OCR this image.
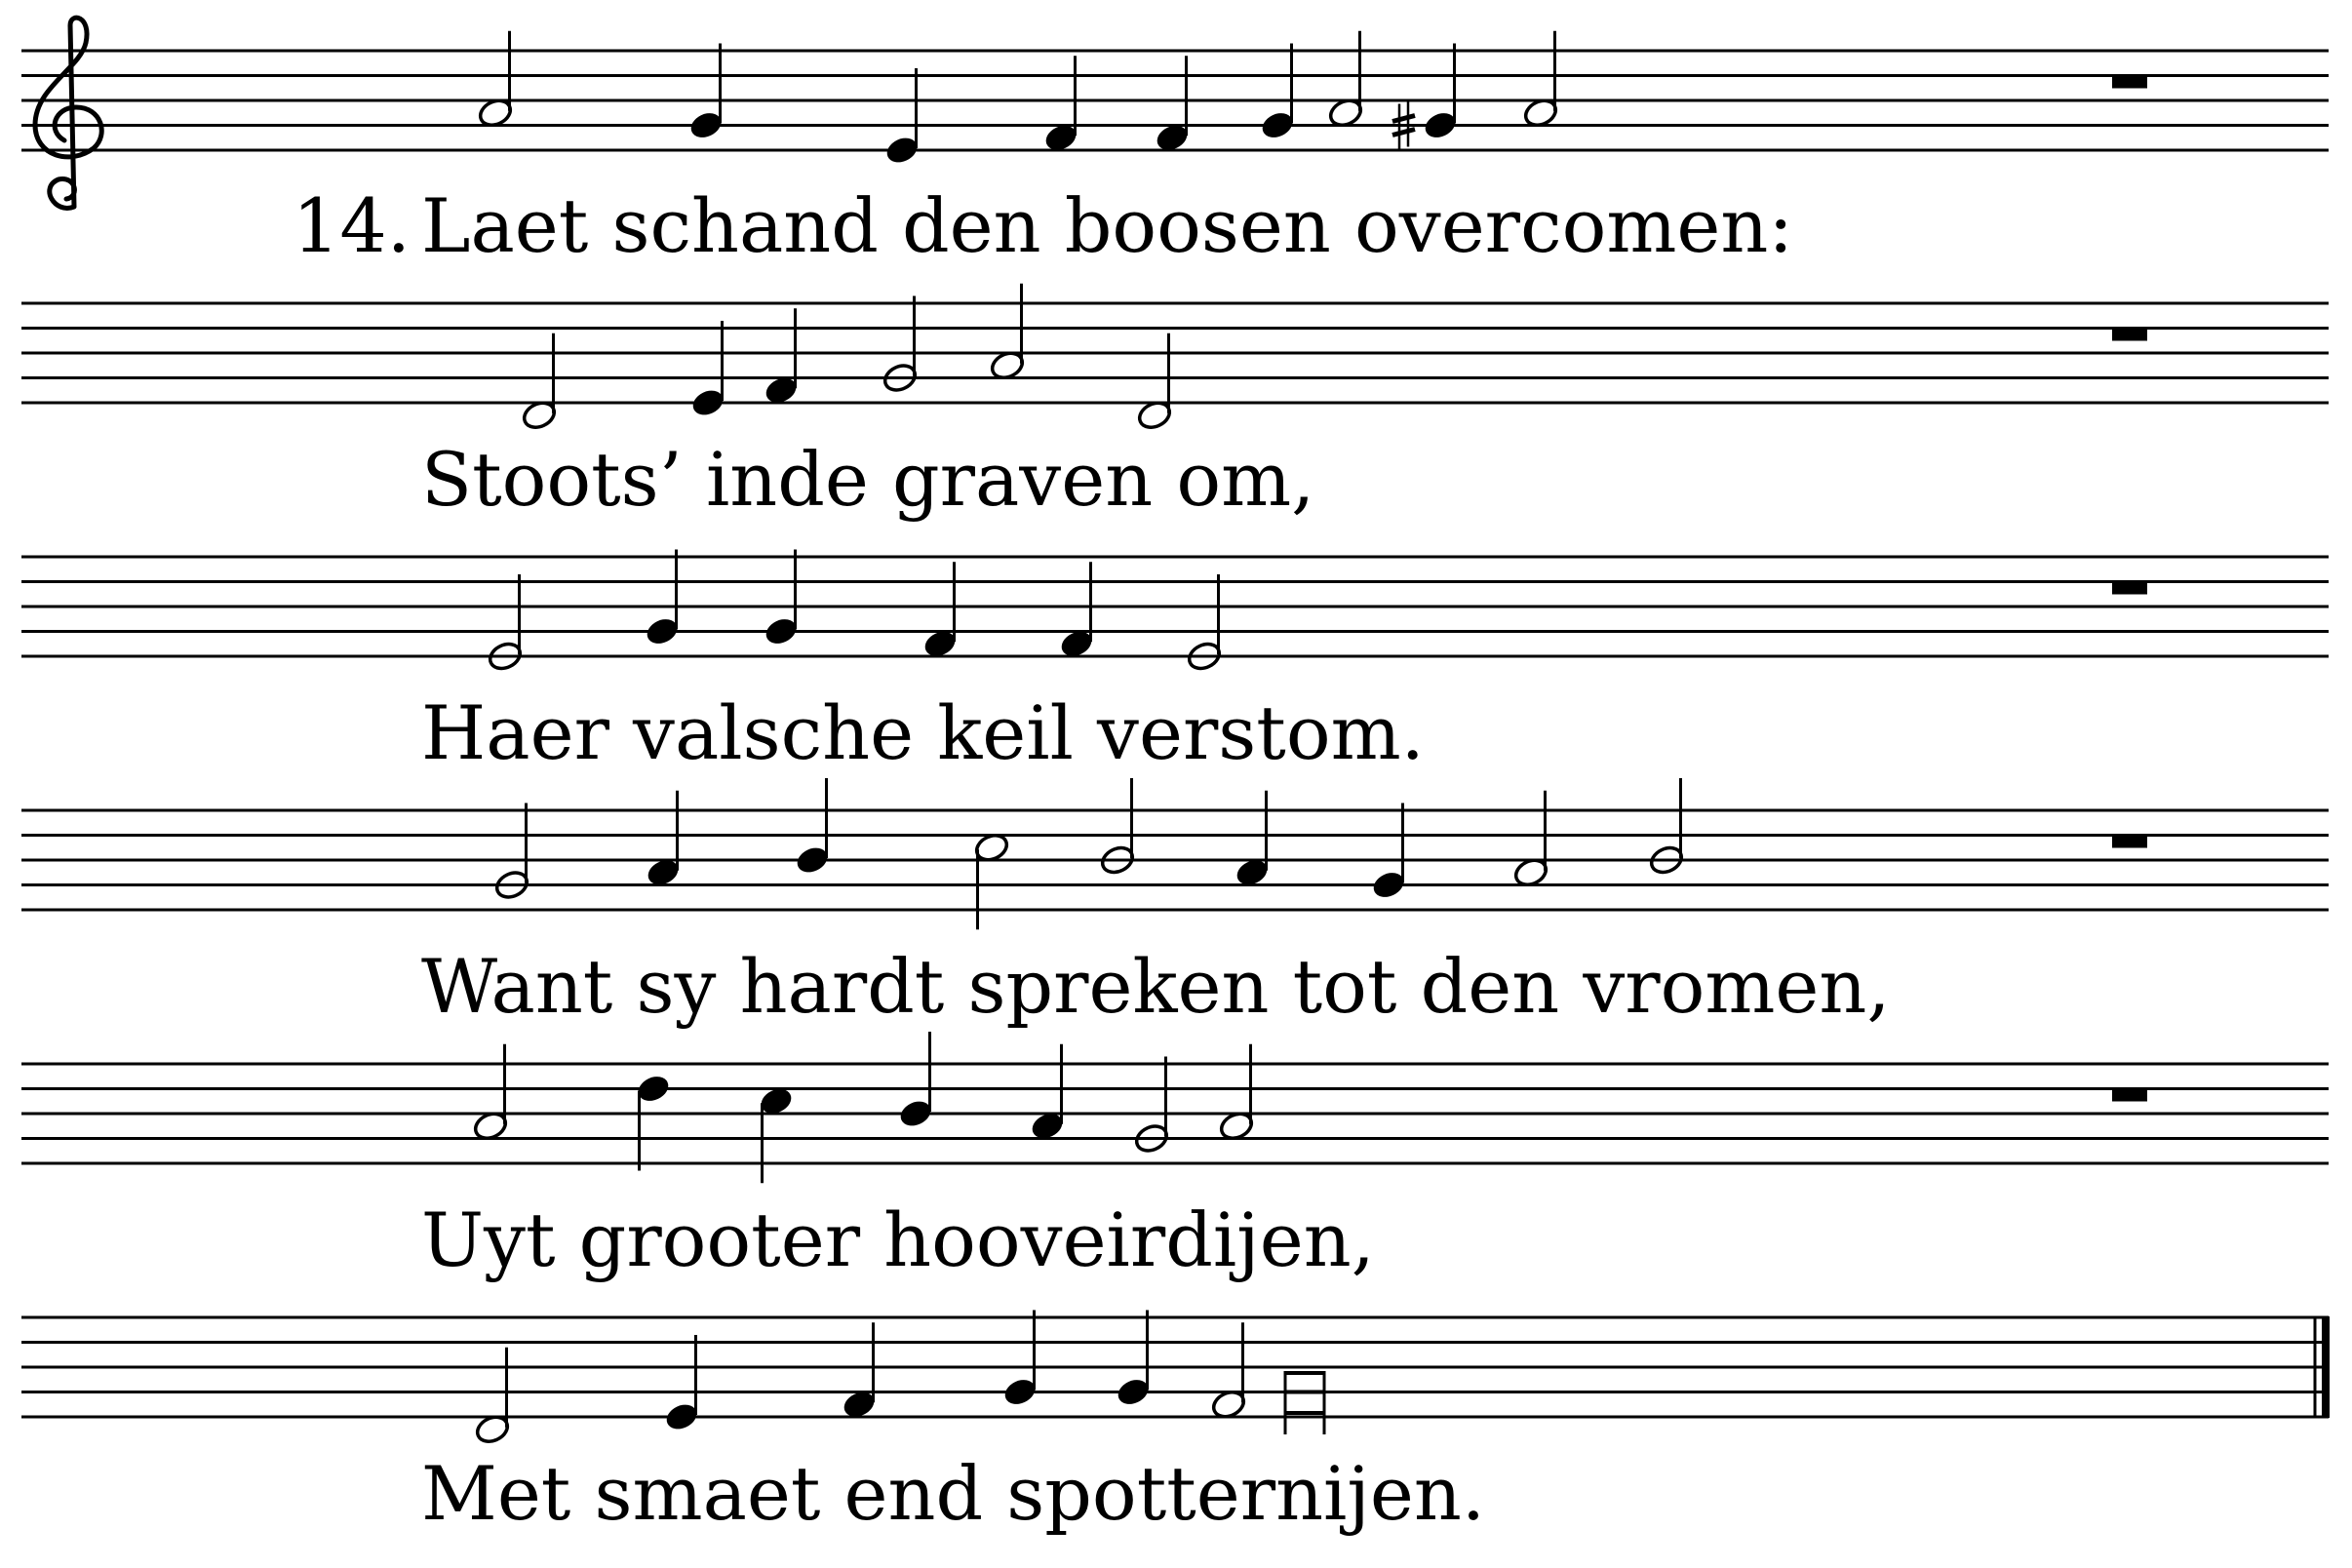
14. Laet schand den boosen overcomen:
Stoots’ inde graven om,
Haer valsche keil verstom.
Want sy hardt spreken tot den vromen,
Uyt grooter hooveirdijen,
Met smaet end spotternijen.
